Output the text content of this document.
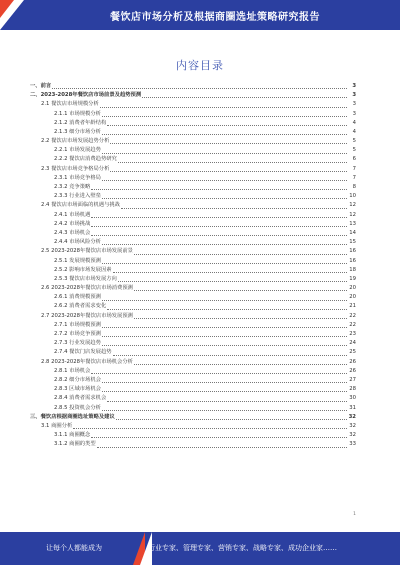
餐饮店市场分析及根据商圈选址策略研究报告
内容目录
一、前言	3
二、2023-2028年餐饮店市场前景及趋势预测	3
2.1 餐饮店市场规模分析	3
2.1.1 市场规模分析	3
2.1.2 消费者年龄结构	4
2.1.3 细分市场分析	4
2.2 餐饮店市场发展趋势分析	5
2.2.1 市场发展趋势	5
2.2.2 餐饮店消费趋势研究	6
2.3 餐饮店市场竞争格局分析	7
2.3.1 市场竞争格局	7
2.3.2 竞争策略	8
2.3.3 行业进入壁垒	10
2.4 餐饮店市场面临的机遇与挑战	12
2.4.1 市场机遇	12
2.4.2 市场挑战	13
2.4.3 市场机会	14
2.4.4 市场风险分析	15
2.5 2023-2028年餐饮店市场发展前景	16
2.5.1 发展规模预测	16
2.5.2 影响市场发展因素	18
2.5.3 餐饮店市场发展方向	19
2.6 2023-2028年餐饮店市场消费预测	20
2.6.1 消费规模预测	20
2.6.2 消费者需求变化	21
2.7 2023-2028年餐饮店市场发展预测	22
2.7.1 市场规模预测	22
2.7.2 市场竞争预测	23
2.7.3 行业发展趋势	24
2.7.4 餐饮门店发展趋势	25
2.8 2023-2028年餐饮店市场机会分析	26
2.8.1 市场机会	26
2.8.2 细分市场机会	27
2.8.3 区域市场机会	28
2.8.4 消费者需求机会	30
2.8.5 投资机会分析	31
三、餐饮店根据商圈选址策略及建议	32
3.1 商圈分析	32
3.1.1 商圈概念	32
3.1.2 商圈的类型	33
1
让每个人都能成为	行业专家、管理专家、营销专家、战略专家、成功企业家……
